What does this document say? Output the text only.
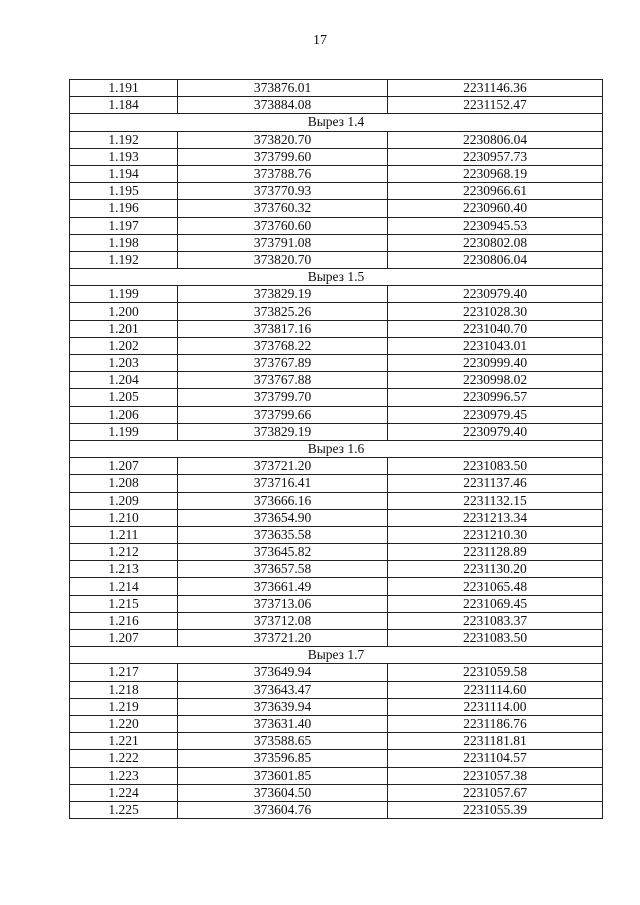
17
1.191	373876.01	2231146.36
1.184	373884.08	2231152.47
Вырез 1.4		
1.192	373820.70	2230806.04
1.193	373799.60	2230957.73
1.194	373788.76	2230968.19
1.195	373770.93	2230966.61
1.196	373760.32	2230960.40
1.197	373760.60	2230945.53
1.198	373791.08	2230802.08
1.192	373820.70	2230806.04
Вырез 1.5		
1.199	373829.19	2230979.40
1.200	373825.26	2231028.30
1.201	373817.16	2231040.70
1.202	373768.22	2231043.01
1.203	373767.89	2230999.40
1.204	373767.88	2230998.02
1.205	373799.70	2230996.57
1.206	373799.66	2230979.45
1.199	373829.19	2230979.40
Вырез 1.6		
1.207	373721.20	2231083.50
1.208	373716.41	2231137.46
1.209	373666.16	2231132.15
1.210	373654.90	2231213.34
1.211	373635.58	2231210.30
1.212	373645.82	2231128.89
1.213	373657.58	2231130.20
1.214	373661.49	2231065.48
1.215	373713.06	2231069.45
1.216	373712.08	2231083.37
1.207	373721.20	2231083.50
Вырез 1.7		
1.217	373649.94	2231059.58
1.218	373643.47	2231114.60
1.219	373639.94	2231114.00
1.220	373631.40	2231186.76
1.221	373588.65	2231181.81
1.222	373596.85	2231104.57
1.223	373601.85	2231057.38
1.224	373604.50	2231057.67
1.225	373604.76	2231055.39
